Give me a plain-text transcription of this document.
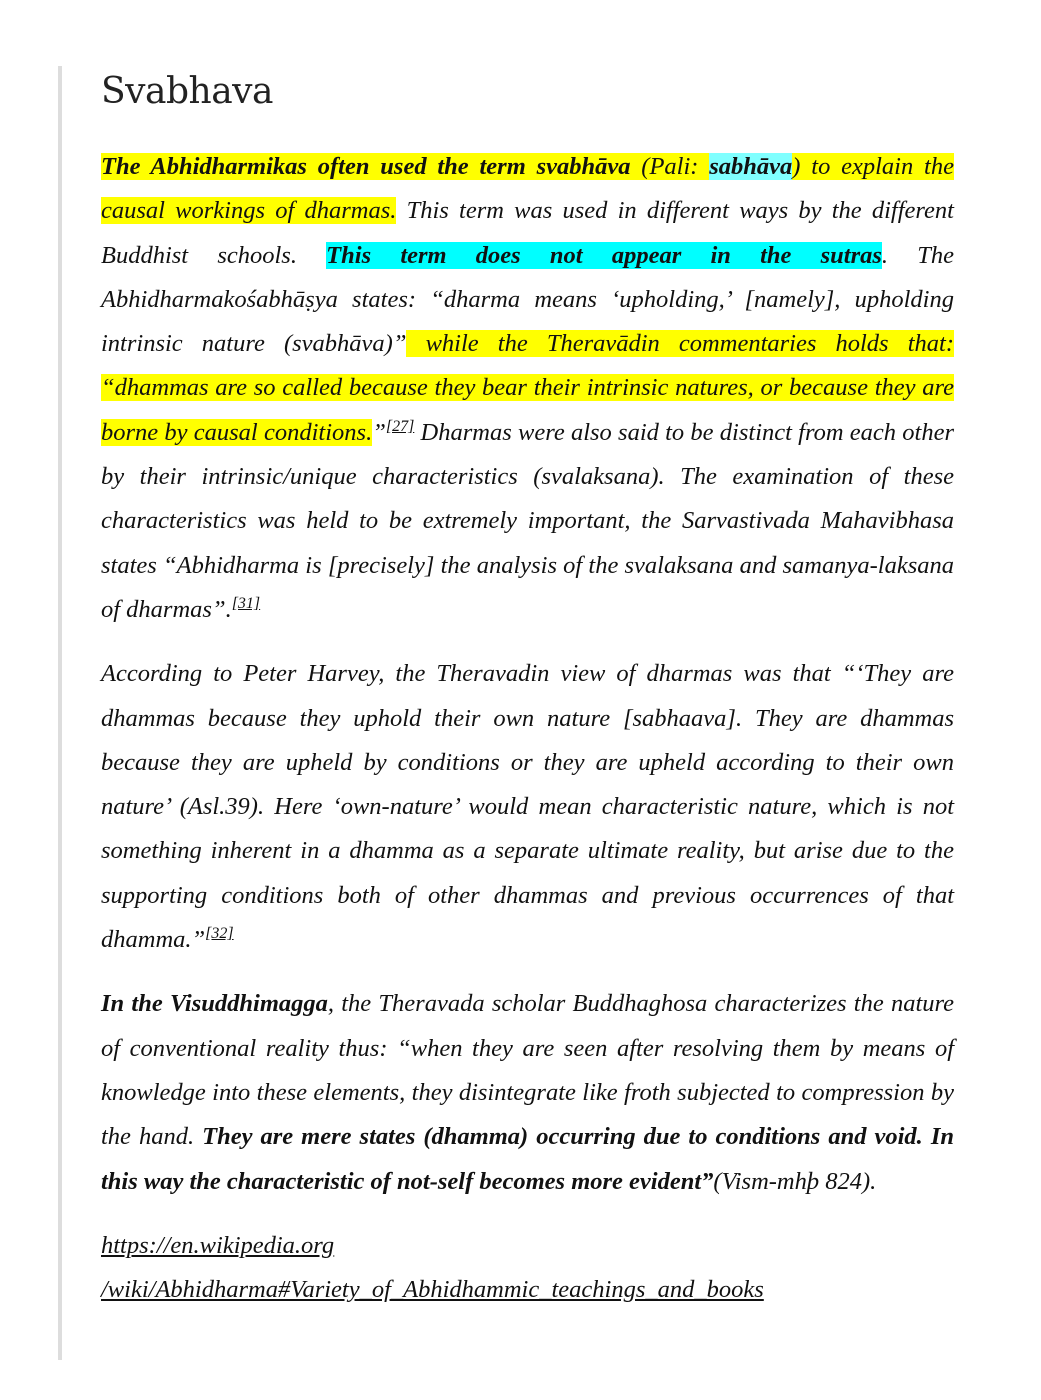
Svabhava

The Abhidharmikas often used the term svabhāva (Pali: sabhāva) to explain the causal workings of dharmas. This term was used in different ways by the different Buddhist schools. This term does not appear in the sutras. The Abhidharmakośabhāṣya states: “dharma means ‘upholding,’ [namely], upholding intrinsic nature (svabhāva)” while the Theravādin commentaries holds that: “dhammas are so called because they bear their intrinsic natures, or because they are borne by causal conditions.”[27] Dharmas were also said to be distinct from each other by their intrinsic/unique characteristics (svalaksana). The examination of these characteristics was held to be extremely important, the Sarvastivada Mahavibhasa states “Abhidharma is [precisely] the analysis of the svalaksana and samanya-laksana of dharmas”.[31]

According to Peter Harvey, the Theravadin view of dharmas was that “‘They are dhammas because they uphold their own nature [sabhaava]. They are dhammas because they are upheld by conditions or they are upheld according to their own nature’ (Asl.39). Here ‘own-nature’ would mean characteristic nature, which is not something inherent in a dhamma as a separate ultimate reality, but arise due to the supporting conditions both of other dhammas and previous occurrences of that dhamma.”[32]

In the Visuddhimagga, the Theravada scholar Buddhaghosa characterizes the nature of conventional reality thus: “when they are seen after resolving them by means of knowledge into these elements, they disintegrate like froth subjected to compression by the hand. They are mere states (dhamma) occurring due to conditions and void. In this way the characteristic of not-self becomes more evident”(Vism-mhþ 824).

https://en.wikipedia.org
/wiki/Abhidharma#Variety_of_Abhidhammic_teachings_and_books
